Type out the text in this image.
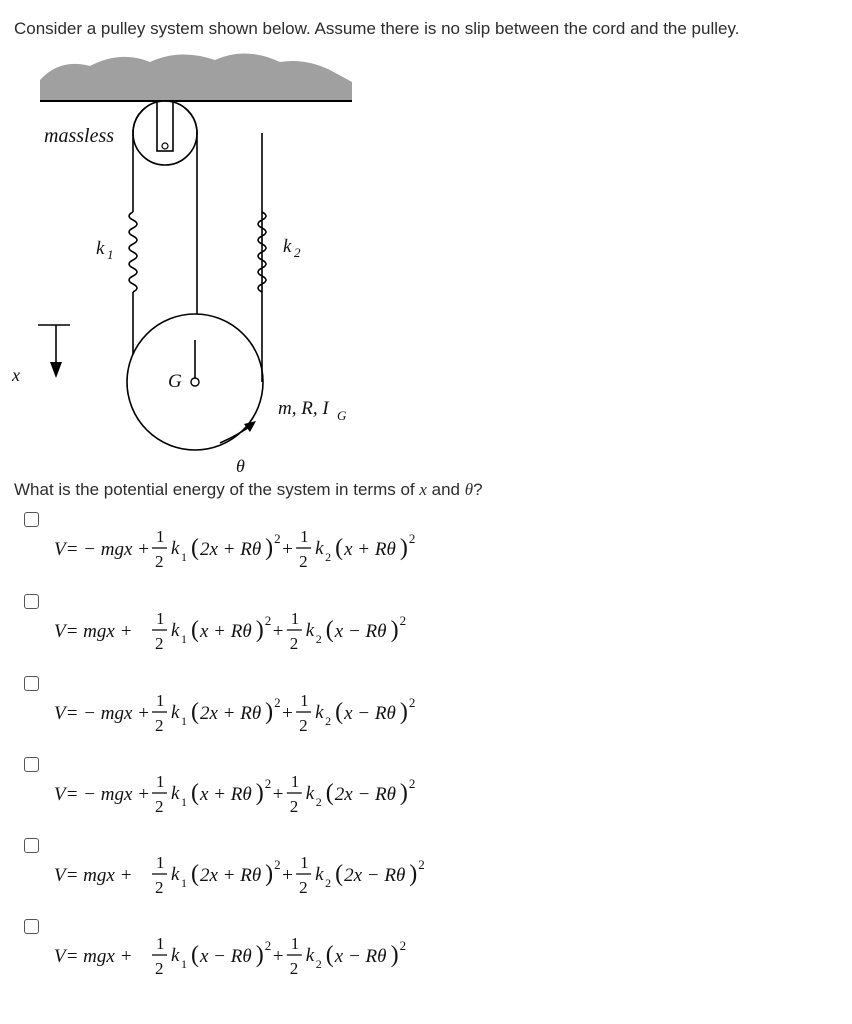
Consider a pulley system shown below. Assume there is no slip between the cord and the pulley.
massless
k 1	k 2
x	G
m, R, I G
θ
What is the potential energy of the system in terms of x and θ?
V= − mgx +
1
2
k 1 ( 2x + Rθ ) 2
+
1
2
k 2 ( x + Rθ ) 2
V= mgx +
1
2
k 1 ( x + Rθ ) 2
+
1
2
k 2 ( x − Rθ ) 2
V= − mgx +
1
2
k 1 ( 2x + Rθ ) 2
+
1
2
k 2 ( x − Rθ ) 2
V= − mgx +
1
2
k 1 ( x + Rθ ) 2
+
1
2
k 2 ( 2x − Rθ ) 2
V= mgx +
1
2
k 1 ( 2x + Rθ ) 2
+
1
2
k 2 ( 2x − Rθ ) 2
V= mgx +
1
2
k 1 ( x − Rθ ) 2
+
1
2
k 2 ( x − Rθ ) 2
